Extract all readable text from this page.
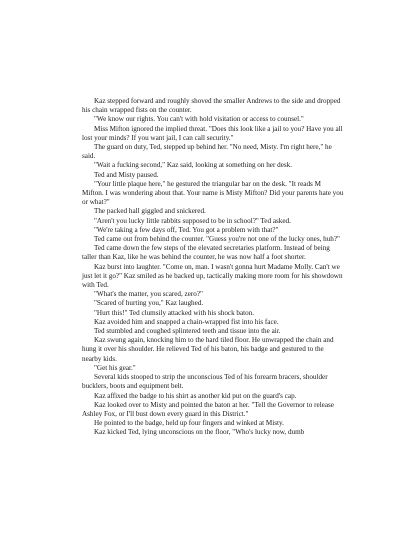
Kaz stepped forward and roughly shoved the smaller Andrews to the side and dropped his chain wrapped fists on the counter.

"We know our rights. You can't with hold visitation or access to counsel."

Miss Mifton ignored the implied threat. "Does this look like a jail to you? Have you all lost your minds? If you want jail, I can call security."

The guard on duty, Ted, stepped up behind her. "No need, Misty. I'm right here," he said.

"Wait a fucking second," Kaz said, looking at something on her desk.

Ted and Misty paused.

"Your little plaque here," he gestured the triangular bar on the desk. "It reads M Mifton. I was wondering about that. Your name is Misty Mifton? Did your parents hate you or what?"

The packed hall giggled and snickered.

"Aren't you lucky little rabbits supposed to be in school?" Ted asked.

"We're taking a few days off, Ted. You got a problem with that?"

Ted came out from behind the counter. "Guess you're not one of the lucky ones, huh?"

Ted came down the few steps of the elevated secretaries platform. Instead of being taller than Kaz, like he was behind the counter, he was now half a foot shorter.

Kaz burst into laughter. "Come on, man. I wasn't gonna hurt Madame Molly. Can't we just let it go?" Kaz smiled as he backed up, tactically making more room for his showdown with Ted.

"What's the matter, you scared, zero?"

"Scared of hurting you," Kaz laughed.

"Hurt this!" Ted clumsily attacked with his shock baton.

Kaz avoided him and snapped a chain-wrapped fist into his face.

Ted stumbled and coughed splintered teeth and tissue into the air.

Kaz swung again, knocking him to the hard tiled floor. He unwrapped the chain and hung it over his shoulder. He relieved Ted of his baton, his badge and gestured to the nearby kids.

"Get his gear."

Several kids stooped to strip the unconscious Ted of his forearm bracers, shoulder bucklers, boots and equipment belt.

Kaz affixed the badge to his shirt as another kid put on the guard's cap.

Kaz looked over to Misty and pointed the baton at her. "Tell the Governor to release Ashley Fox, or I'll bust down every guard in this District."

He pointed to the badge, held up four fingers and winked at Misty.

Kaz kicked Ted, lying unconscious on the floor, "Who's lucky now, dumb
